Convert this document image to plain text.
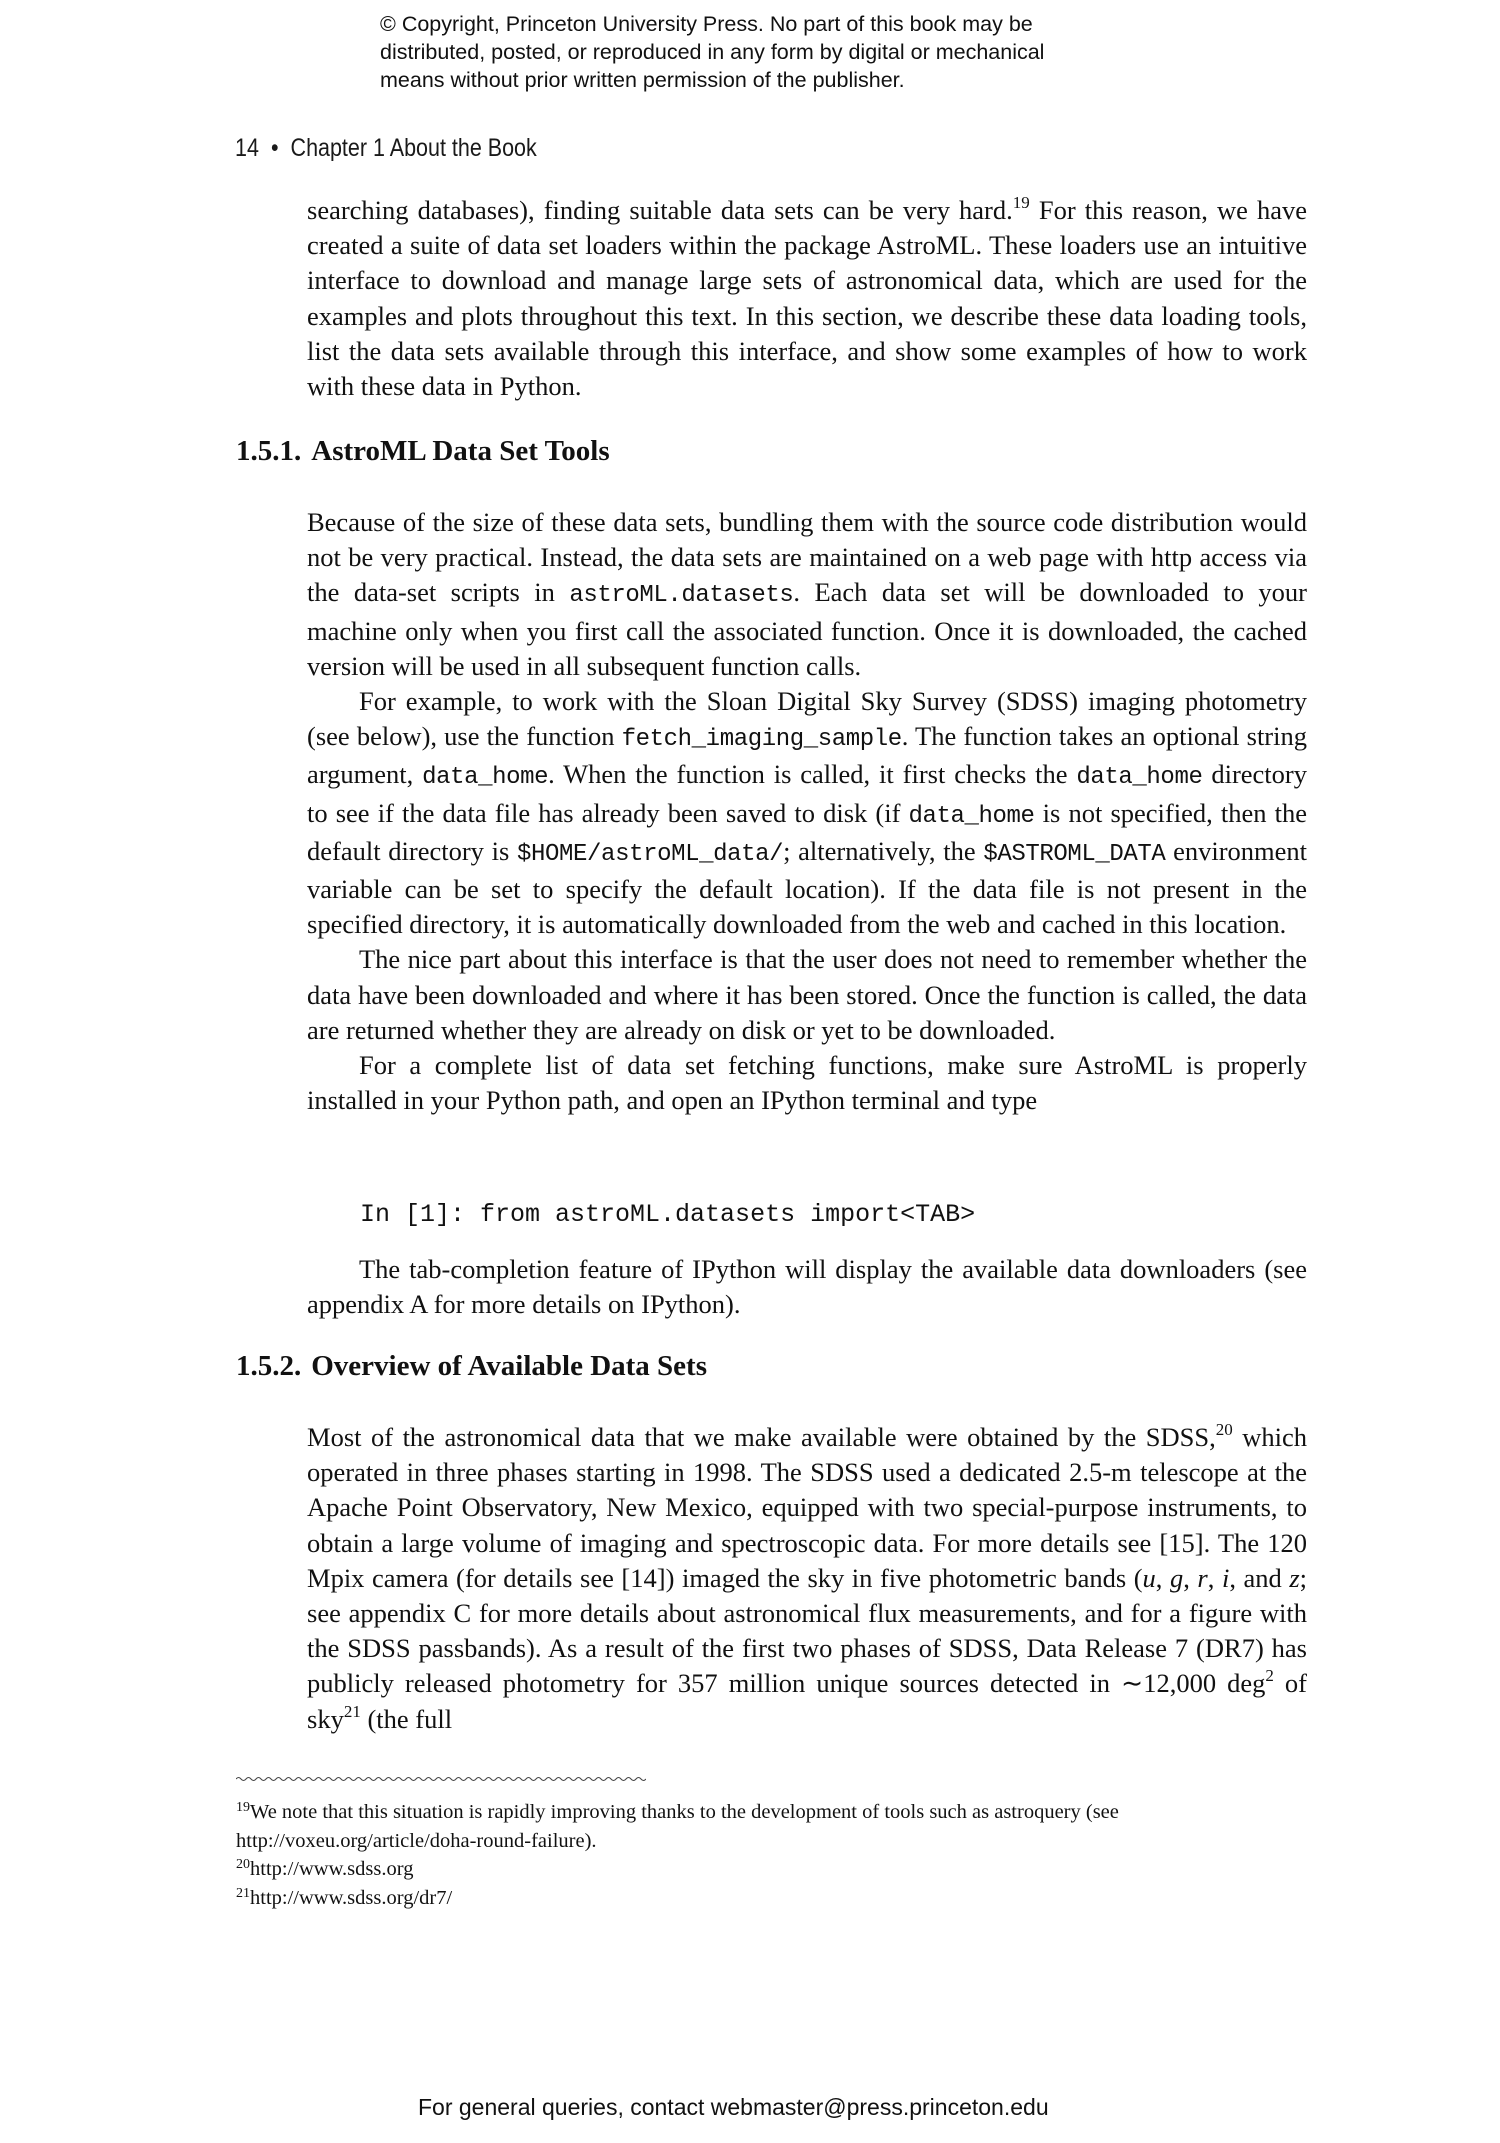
© Copyright, Princeton University Press. No part of this book may be
distributed, posted, or reproduced in any form by digital or mechanical
means without prior written permission of the publisher.
14 • Chapter 1 About the Book

searching databases), finding suitable data sets can be very hard.$^{19}$ For this reason, we have created a suite of data set loaders within the package AstroML. These loaders use an intuitive interface to download and manage large sets of astronomical data, which are used for the examples and plots throughout this text. In this section, we describe these data loading tools, list the data sets available through this interface, and show some examples of how to work with these data in Python.

1.5.1. AstroML Data Set Tools

Because of the size of these data sets, bundling them with the source code distribution would not be very practical. Instead, the data sets are maintained on a web page with http access via the data-set scripts in astroML.datasets. Each data set will be downloaded to your machine only when you first call the associated function. Once it is downloaded, the cached version will be used in all subsequent function calls.

For example, to work with the Sloan Digital Sky Survey (SDSS) imaging photometry (see below), use the function fetch_imaging_sample. The function takes an optional string argument, data_home. When the function is called, it first checks the data_home directory to see if the data file has already been saved to disk (if data_home is not specified, then the default directory is $HOME/astroML_data/; alternatively, the $ASTROML_DATA environment variable can be set to specify the default location). If the data file is not present in the specified directory, it is automatically downloaded from the web and cached in this location.

The nice part about this interface is that the user does not need to remember whether the data have been downloaded and where it has been stored. Once the function is called, the data are returned whether they are already on disk or yet to be downloaded.

For a complete list of data set fetching functions, make sure AstroML is properly installed in your Python path, and open an IPython terminal and type

In [1]: from astroML.datasets import<TAB>

The tab-completion feature of IPython will display the available data downloaders (see appendix A for more details on IPython).

1.5.2. Overview of Available Data Sets

Most of the astronomical data that we make available were obtained by the SDSS,$^{20}$ which operated in three phases starting in 1998. The SDSS used a dedicated 2.5-m telescope at the Apache Point Observatory, New Mexico, equipped with two special-purpose instruments, to obtain a large volume of imaging and spectroscopic data. For more details see [15]. The 120 Mpix camera (for details see [14]) imaged the sky in five photometric bands (u, g, r, i, and z; see appendix C for more details about astronomical flux measurements, and for a figure with the SDSS passbands). As a result of the first two phases of SDSS, Data Release 7 (DR7) has publicly released photometry for 357 million unique sources detected in ∼12,000 deg$^2$ of sky$^{21}$ (the full

$^{19}$We note that this situation is rapidly improving thanks to the development of tools such as astroquery (see http://voxeu.org/article/doha-round-failure).

$^{20}$http://www.sdss.org

$^{21}$http://www.sdss.org/dr7/

For general queries, contact webmaster@press.princeton.edu
